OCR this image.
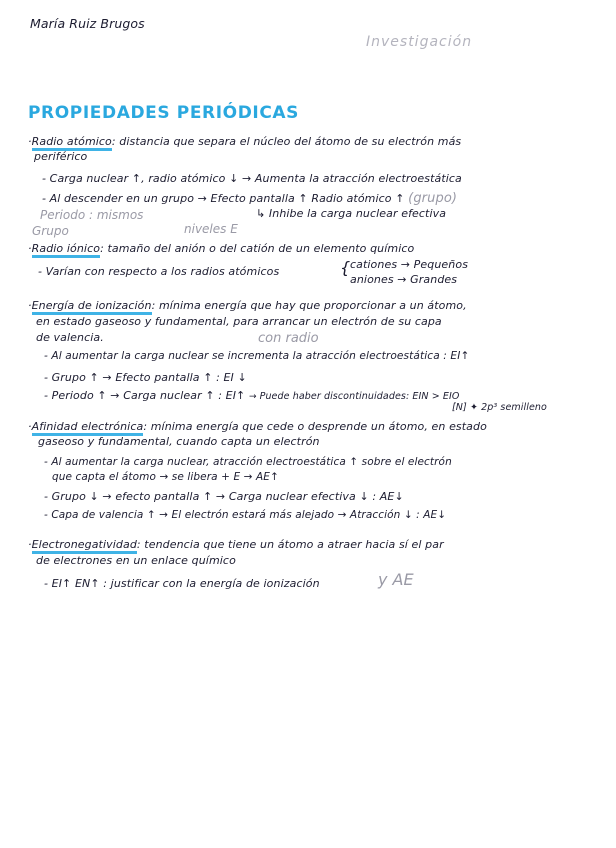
María Ruiz Brugos
Investigación
PROPIEDADES PERIÓDICAS
·Radio atómico: distancia que separa el núcleo del átomo de su electrón más
periférico
- Carga nuclear ↑, radio atómico ↓ → Aumenta la atracción electroestática
- Al descender en un grupo → Efecto pantalla ↑ Radio atómico ↑ (grupo)
Periodo : mismos	↳ Inhibe la carga nuclear efectiva
Grupo	niveles E
·Radio iónico: tamaño del anión o del catión de un elemento químico
- Varían con respecto a los radios atómicos	{ cationes → Pequeños
aniones → Grandes
·Energía de ionización: mínima energía que hay que proporcionar a un átomo,
en estado gaseoso y fundamental, para arrancar un electrón de su capa
de valencia.	con radio
- Al aumentar la carga nuclear se incrementa la atracción electroestática : EI↑
- Grupo ↑ → Efecto pantalla ↑ : EI ↓
- Periodo ↑ → Carga nuclear ↑ : EI↑ → Puede haber discontinuidades: EIN > EIO
[N] ✦ 2p³ semilleno
·Afinidad electrónica: mínima energía que cede o desprende un átomo, en estado
gaseoso y fundamental, cuando capta un electrón
- Al aumentar la carga nuclear, atracción electroestática ↑ sobre el electrón
que capta el átomo → se libera + E → AE↑
- Grupo ↓ → efecto pantalla ↑ → Carga nuclear efectiva ↓ : AE↓
- Capa de valencia ↑ → El electrón estará más alejado → Atracción ↓ : AE↓
·Electronegatividad: tendencia que tiene un átomo a atraer hacia sí el par
de electrones en un enlace químico
- EI↑ EN↑ : justificar con la energía de ionización	y AE
